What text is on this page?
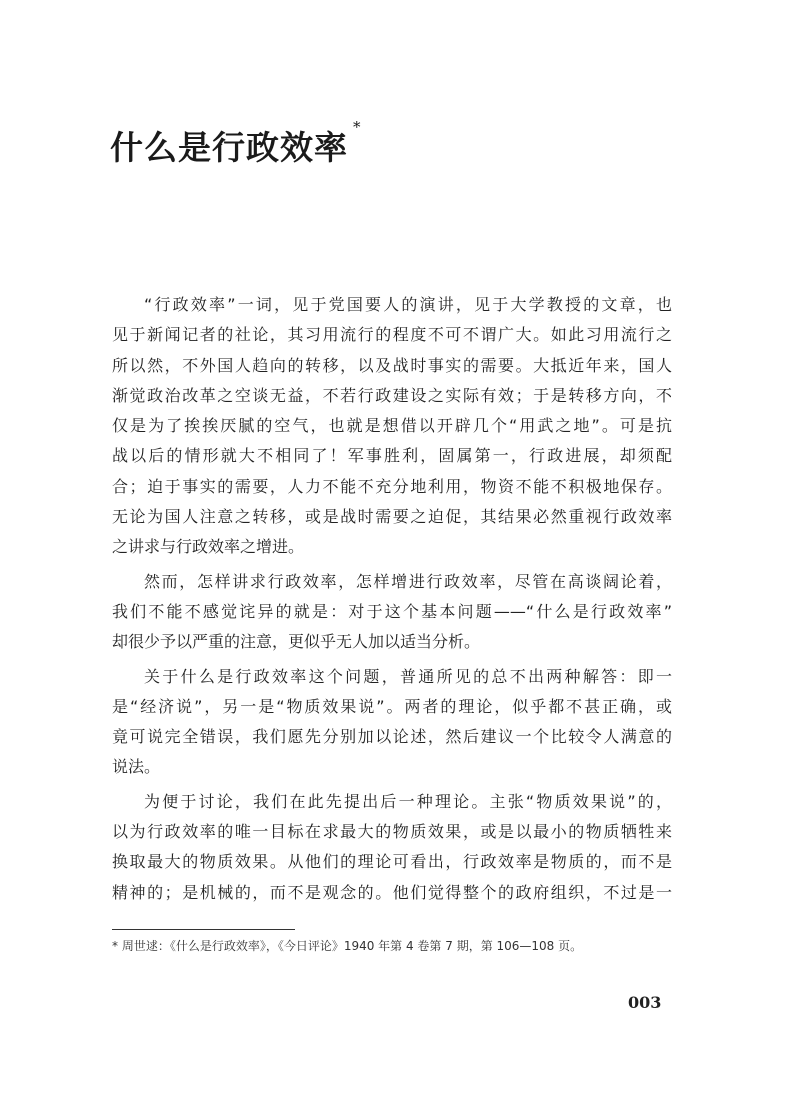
什么是行政效率*

“行政效率”一词，见于党国要人的演讲，见于大学教授的文章，也
见于新闻记者的社论，其习用流行的程度不可不谓广大。如此习用流行之
所以然，不外国人趋向的转移，以及战时事实的需要。大抵近年来，国人
渐觉政治改革之空谈无益，不若行政建设之实际有效；于是转移方向，不
仅是为了挨挨厌腻的空气，也就是想借以开辟几个“用武之地”。可是抗
战以后的情形就大不相同了！军事胜利，固属第一，行政进展，却须配
合；迫于事实的需要，人力不能不充分地利用，物资不能不积极地保存。
无论为国人注意之转移，或是战时需要之迫促，其结果必然重视行政效率
之讲求与行政效率之增进。

然而，怎样讲求行政效率，怎样增进行政效率，尽管在高谈阔论着，
我们不能不感觉诧异的就是：对于这个基本问题——“什么是行政效率”
却很少予以严重的注意，更似乎无人加以适当分析。

关于什么是行政效率这个问题，普通所见的总不出两种解答：即一
是“经济说”，另一是“物质效果说”。两者的理论，似乎都不甚正确，或
竟可说完全错误，我们愿先分别加以论述，然后建议一个比较令人满意的
说法。

为便于讨论，我们在此先提出后一种理论。主张“物质效果说”的，
以为行政效率的唯一目标在求最大的物质效果，或是以最小的物质牺牲来
换取最大的物质效果。从他们的理论可看出，行政效率是物质的，而不是
精神的；是机械的，而不是观念的。他们觉得整个的政府组织，不过是一

* 周世逑：《什么是行政效率》，《今日评论》1940 年第 4 卷第 7 期，第 106—108 页。
003
